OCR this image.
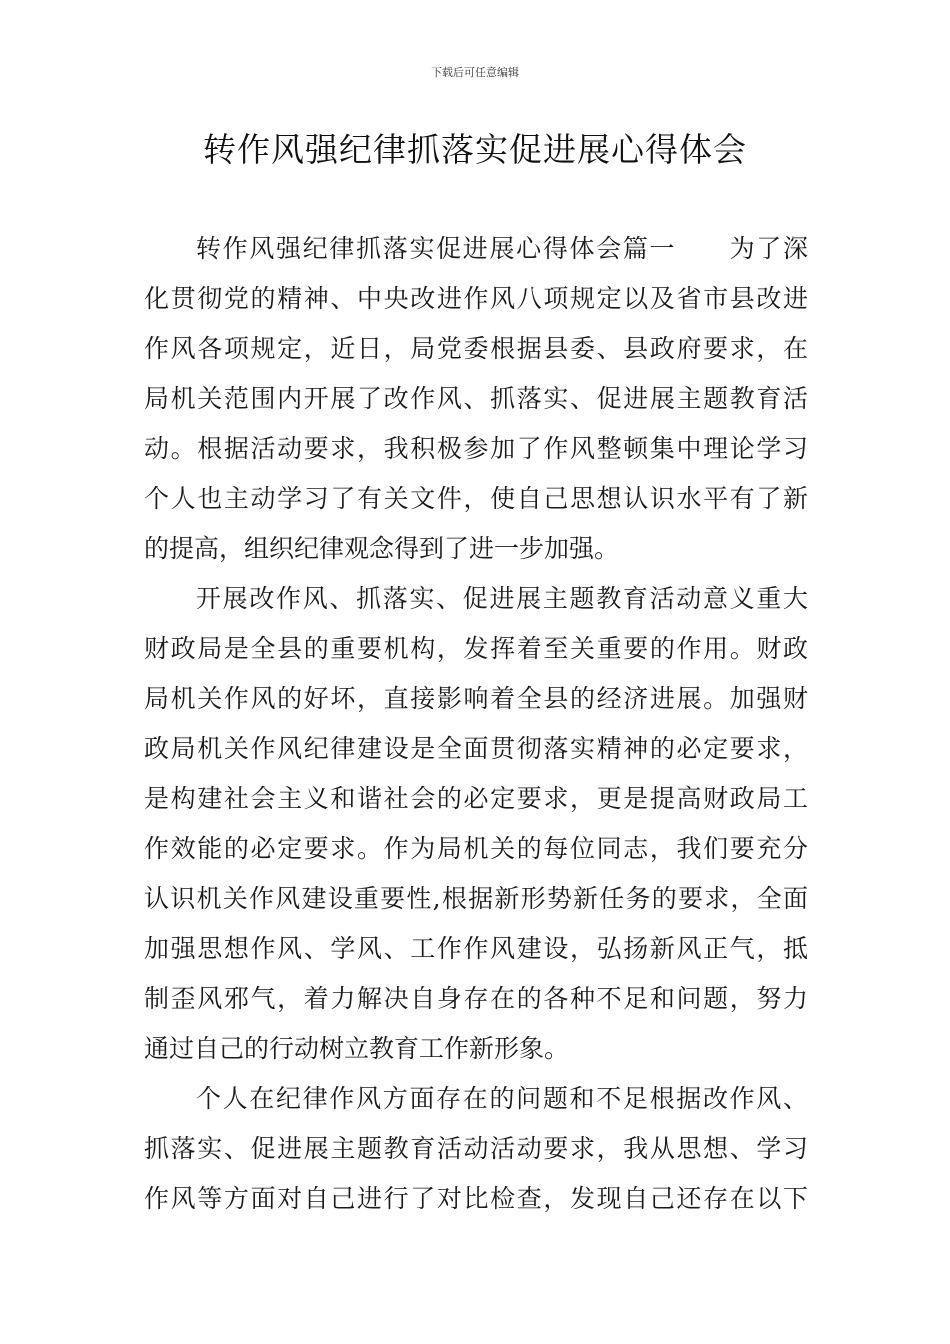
下载后可任意编辑
转作风强纪律抓落实促进展心得体会
转作风强纪律抓落实促进展心得体会篇一　　为了深
化贯彻党的精神、中央改进作风八项规定以及省市县改进
作风各项规定，近日，局党委根据县委、县政府要求，在
局机关范围内开展了改作风、抓落实、促进展主题教育活
动。根据活动要求，我积极参加了作风整顿集中理论学习
个人也主动学习了有关文件，使自己思想认识水平有了新
的提高，组织纪律观念得到了进一步加强。
开展改作风、抓落实、促进展主题教育活动意义重大
财政局是全县的重要机构，发挥着至关重要的作用。财政
局机关作风的好坏，直接影响着全县的经济进展。加强财
政局机关作风纪律建设是全面贯彻落实精神的必定要求，
是构建社会主义和谐社会的必定要求，更是提高财政局工
作效能的必定要求。作为局机关的每位同志，我们要充分
认识机关作风建设重要性,根据新形势新任务的要求，全面
加强思想作风、学风、工作作风建设，弘扬新风正气，抵
制歪风邪气，着力解决自身存在的各种不足和问题，努力
通过自己的行动树立教育工作新形象。
个人在纪律作风方面存在的问题和不足根据改作风、
抓落实、促进展主题教育活动活动要求，我从思想、学习
作风等方面对自己进行了对比检查，发现自己还存在以下
